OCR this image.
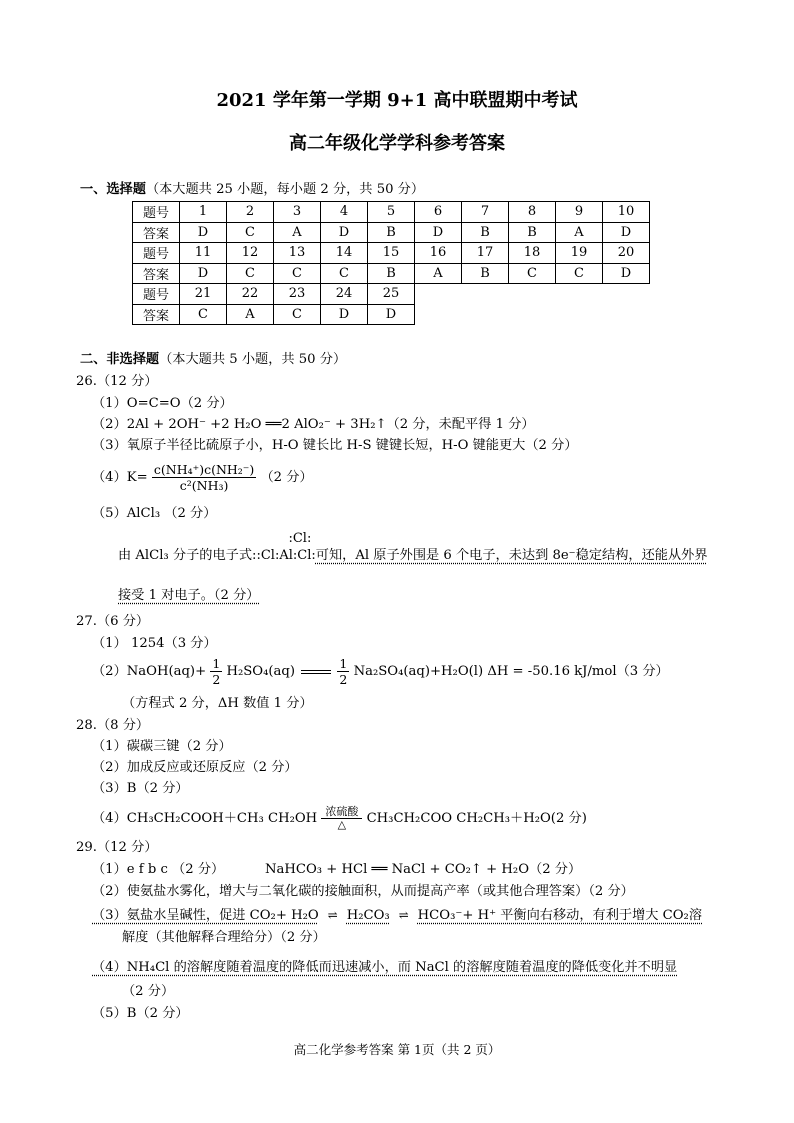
2021 学年第一学期 9+1 高中联盟期中考试
高二年级化学学科参考答案
一、选择题（本大题共 25 小题，每小题 2 分，共 50 分）
题号	1	2	3	4	5	6	7	8	9	10
答案	D	C	A	D	B	D	B	B	A	D
题号	11	12	13	14	15	16	17	18	19	20
答案	D	C	C	C	B	A	B	C	C	D
题号	21	22	23	24	25					
答案	C	A	C	D	D					
二、非选择题（本大题共 5 小题，共 50 分）
26.（12 分）
（1）O=C=O（2 分）
（2）2Al + 2OH⁻ +2 H₂O ══2 AlO₂⁻ + 3H₂↑（2 分，未配平得 1 分）
（3）氧原子半径比硫原子小，H-O 键长比 H-S 键键长短，H-O 键能更大（2 分）
$(4)K= \frac{\text{c(NH₄⁺)c(NH₂⁻)}}{\text{c²(NH₃)}} (2$ 分）
（5）AlCl₃ （2 分）
由 AlCl₃ 分子的电子式:
:Cl:
:Cl:Al:Cl:可知，Al 原子外围是 6 个电子，未达到 8e⁻稳定结构，还能从外界
接受 1 对电子。（2 分）
27.（6 分）
（1） 1254（3 分）
（2）NaOH(aq)+ $\frac{1}{2} H_2SO_4(aq)$	$\frac{1}{2} Na_2SO_4(aq)+H_2O(l) \Delta H = -50.16$ kJ/mol（3 分）
（方程式 2 分，ΔH 数值 1 分）
28.（8 分）
（1）碳碳三键（2 分）
（2）加成反应或还原反应（2 分）
（3）B（2 分）
（4）CH₃CH₂COOH＋CH₃ CH₂OH 浓硫酸
△	CH₃CH₂COO CH₂CH₃＋H₂O(2 分)
29.（12 分）
（1）e f b c （2 分）	NaHCO₃ + HCl ══ NaCl + CO₂↑ + H₂O（2 分）
（2）使氨盐水雾化，增大与二氧化碳的接触面积，从而提高产率（或其他合理答案）（2 分）
（3）氨盐水呈碱性，促进 CO₂+ H₂O ⇌ H₂CO₃ ⇌ HCO₃⁻+ H⁺ 平衡向右移动，有利于增大 CO₂溶
解度（其他解释合理给分）（2 分）
（4）NH₄Cl 的溶解度随着温度的降低而迅速减小，而 NaCl 的溶解度随着温度的降低变化并不明显
（2 分）
（5）B（2 分）
高二化学参考答案 第 1页（共 2 页）
